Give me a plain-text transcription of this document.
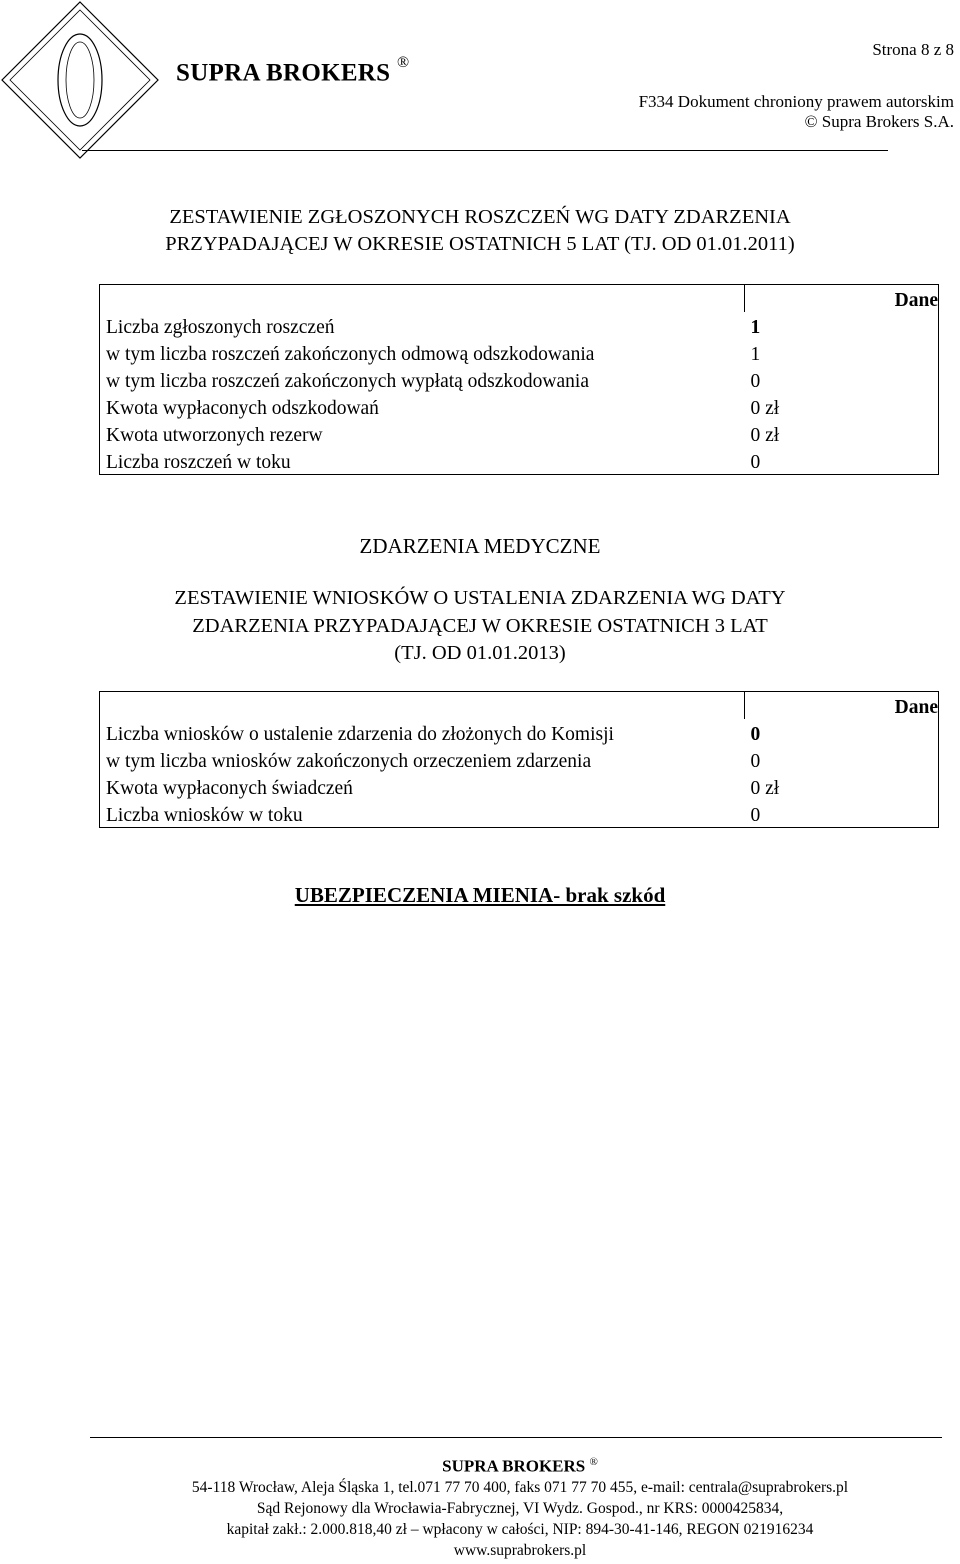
SUPRA BROKERS ®
Strona 8 z 8
F334 Dokument chroniony prawem autorskim
© Supra Brokers S.A.
ZESTAWIENIE ZGŁOSZONYCH ROSZCZEŃ WG DATY ZDARZENIA
PRZYPADAJĄCEJ W OKRESIE OSTATNICH 5 LAT (TJ. OD 01.01.2011)
	Dane
Liczba zgłoszonych roszczeń	1
w tym liczba roszczeń zakończonych odmową odszkodowania	1
w tym liczba roszczeń zakończonych wypłatą odszkodowania	0
Kwota wypłaconych odszkodowań	0 zł
Kwota utworzonych rezerw	0 zł
Liczba roszczeń w toku	0
ZDARZENIA MEDYCZNE
ZESTAWIENIE WNIOSKÓW O USTALENIA ZDARZENIA WG DATY
ZDARZENIA PRZYPADAJĄCEJ W OKRESIE OSTATNICH 3 LAT
(TJ. OD 01.01.2013)
	Dane
Liczba wniosków o ustalenie zdarzenia do złożonych do Komisji	0
w tym liczba wniosków zakończonych orzeczeniem zdarzenia	0
Kwota wypłaconych świadczeń	0 zł
Liczba wniosków w toku	0
UBEZPIECZENIA MIENIA- brak szkód
SUPRA BROKERS ®
54-118 Wrocław, Aleja Śląska 1, tel.071 77 70 400, faks 071 77 70 455, e-mail: centrala@suprabrokers.pl
Sąd Rejonowy dla Wrocławia-Fabrycznej, VI Wydz. Gospod., nr KRS: 0000425834,
kapitał zakł.: 2.000.818,40 zł – wpłacony w całości, NIP: 894-30-41-146, REGON 021916234
www.suprabrokers.pl
